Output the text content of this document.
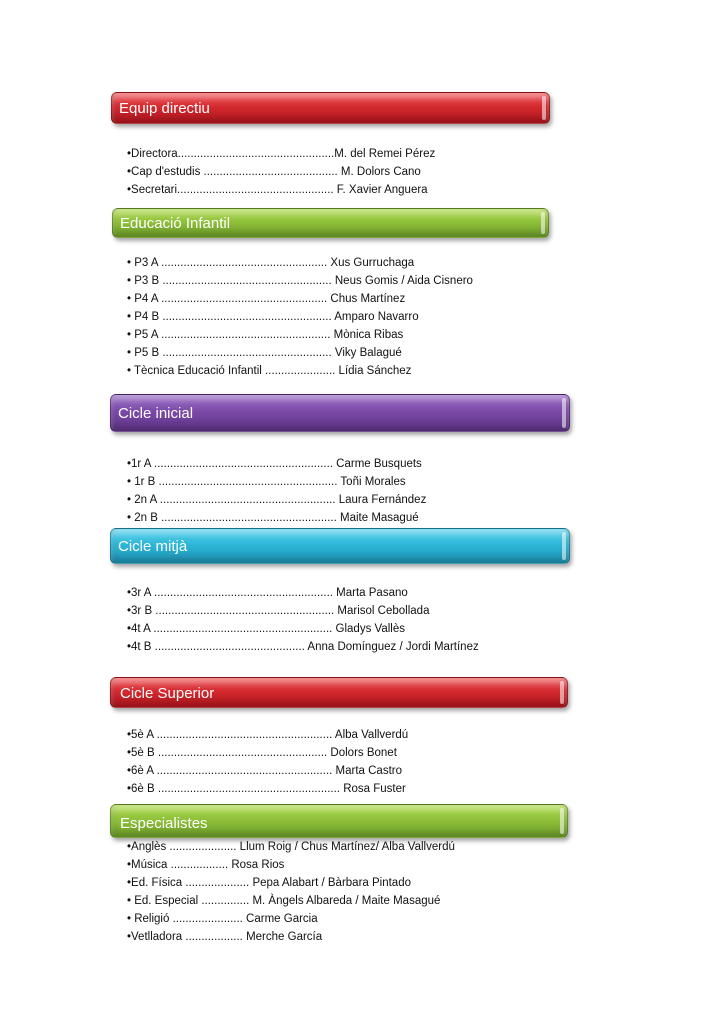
Equip directiu
•Directora.................................................M. del Remei Pérez
•Cap d'estudis .......................................... M. Dolors Cano
•Secretari................................................. F. Xavier Anguera
Educació Infantil
• P3 A .................................................... Xus Gurruchaga
• P3 B ..................................................... Neus Gomis / Aida Cisnero
• P4 A .................................................... Chus Martínez
• P4 B ..................................................... Amparo Navarro
• P5 A ..................................................... Mònica Ribas
• P5 B ..................................................... Viky Balagué
• Tècnica Educació Infantil ...................... Lídia Sánchez
Cicle inicial
•1r A ........................................................ Carme Busquets
• 1r B ........................................................ Toñi Morales
• 2n A ....................................................... Laura Fernández
• 2n B ....................................................... Maite Masagué
Cicle mitjà
•3r A ........................................................ Marta Pasano
•3r B ........................................................ Marisol Cebollada
•4t A ........................................................ Gladys Vallès
•4t B ............................................... Anna Domínguez / Jordi Martínez
Cicle Superior
•5è A ....................................................... Alba Vallverdú
•5è B ..................................................... Dolors Bonet
•6è A ....................................................... Marta Castro
•6è B ......................................................... Rosa Fuster
Especialistes
•Anglès ..................... Llum Roig / Chus Martínez/ Alba Vallverdú
•Música .................. Rosa Rios
•Ed. Física .................... Pepa Alabart / Bàrbara Pintado
• Ed. Especial ............... M. Àngels Albareda / Maite Masagué
• Religió ...................... Carme Garcia
•Vetlladora .................. Merche García
